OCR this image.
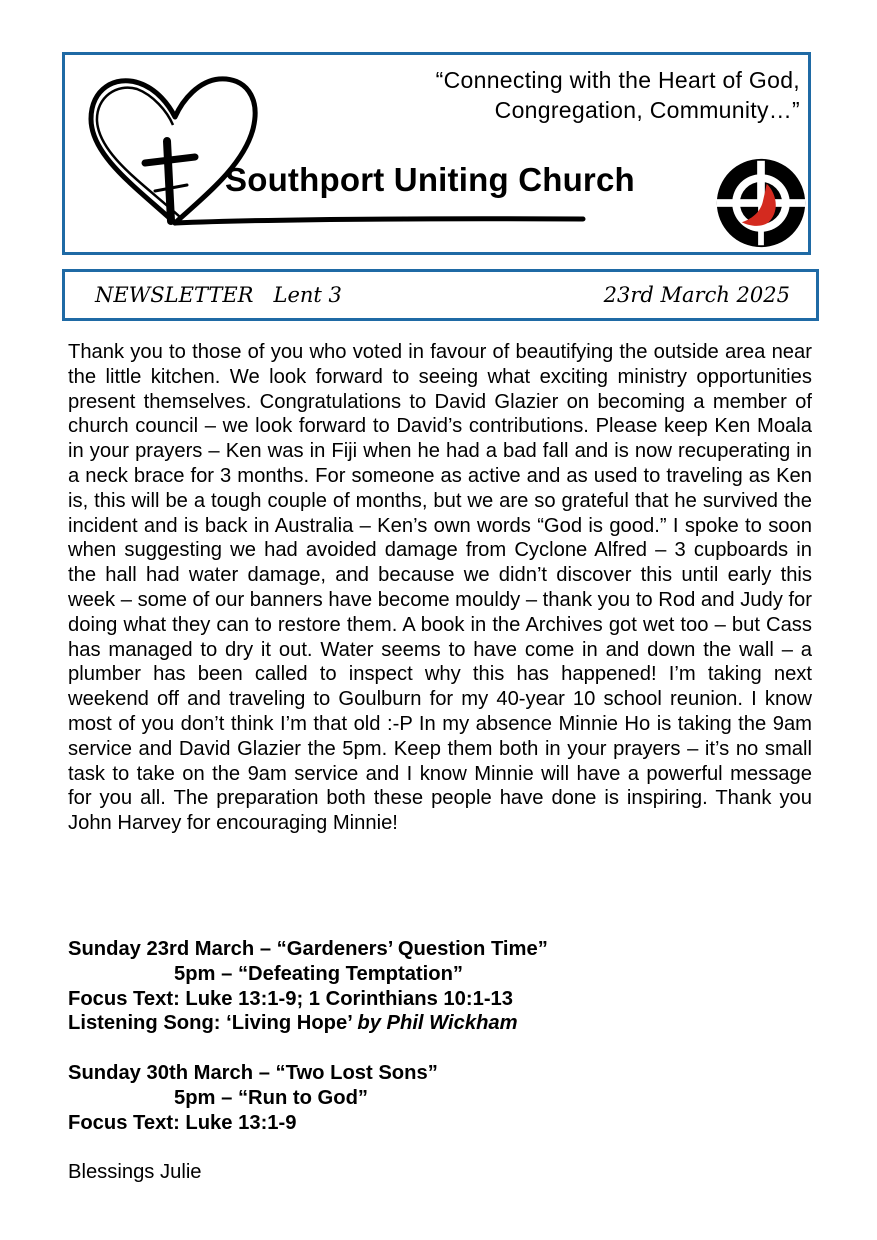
“Connecting with the Heart of God,
Congregation, Community…”
Southport Uniting Church
NEWSLETTER Lent 3	23rd March 2025
Thank you to those of you who voted in favour of beautifying the outside area near the little kitchen. We look forward to seeing what exciting ministry opportunities present themselves. Congratulations to David Glazier on becoming a member of church council – we look forward to David’s contributions. Please keep Ken Moala in your prayers – Ken was in Fiji when he had a bad fall and is now recuperating in a neck brace for 3 months. For someone as active and as used to traveling as Ken is, this will be a tough couple of months, but we are so grateful that he survived the incident and is back in Australia – Ken’s own words “God is good.” I spoke to soon when suggesting we had avoided damage from Cyclone Alfred – 3 cupboards in the hall had water damage, and because we didn’t discover this until early this week – some of our banners have become mouldy – thank you to Rod and Judy for doing what they can to restore them. A book in the Archives got wet too – but Cass has managed to dry it out. Water seems to have come in and down the wall – a plumber has been called to inspect why this has happened! I’m taking next weekend off and traveling to Goulburn for my 40-year 10 school reunion. I know most of you don’t think I’m that old :-P In my absence Minnie Ho is taking the 9am service and David Glazier the 5pm. Keep them both in your prayers – it’s no small task to take on the 9am service and I know Minnie will have a powerful message for you all. The preparation both these people have done is inspiring. Thank you John Harvey for encouraging Minnie!
Sunday 23rd March – “Gardeners’ Question Time”
5pm – “Defeating Temptation”
Focus Text: Luke 13:1-9; 1 Corinthians 10:1-13
Listening Song: ‘Living Hope’ by Phil Wickham
Sunday 30th March – “Two Lost Sons”
5pm – “Run to God”
Focus Text: Luke 13:1-9
Blessings Julie
